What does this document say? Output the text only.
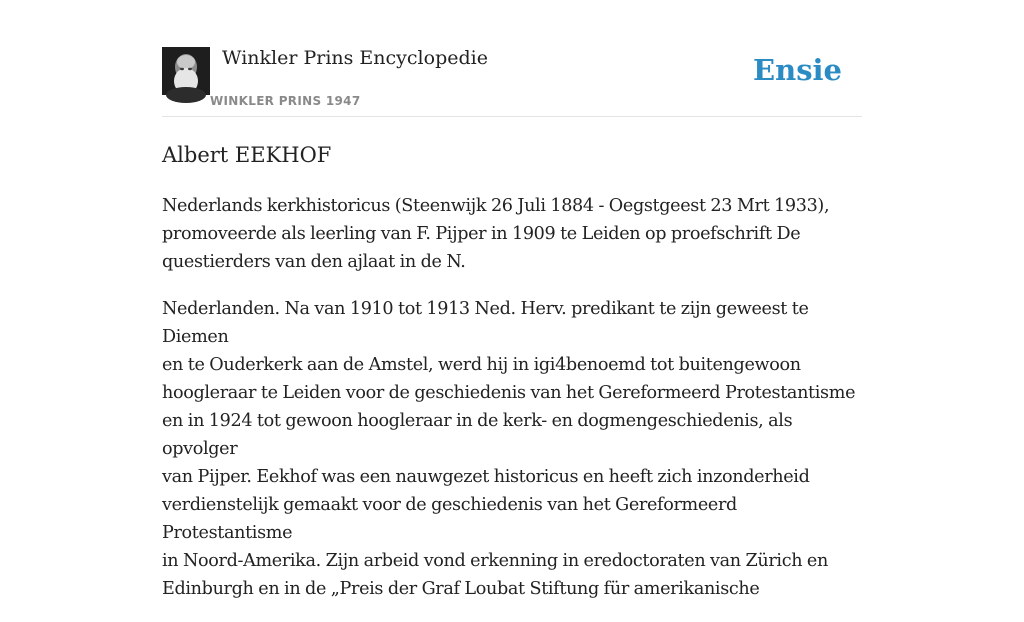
Winkler Prins Encyclopedie
WINKLER PRINS 1947
Ensie
Albert EEKHOF

Nederlands kerkhistoricus (Steenwijk 26 Juli 1884 - Oegstgeest 23 Mrt 1933),
promoveerde als leerling van F. Pijper in 1909 te Leiden op proefschrift De
questierders van den ajlaat in de N.

Nederlanden. Na van 1910 tot 1913 Ned. Herv. predikant te zijn geweest te Diemen
en te Ouderkerk aan de Amstel, werd hij in igi4benoemd tot buitengewoon
hoogleraar te Leiden voor de geschiedenis van het Gereformeerd Protestantisme
en in 1924 tot gewoon hoogleraar in de kerk- en dogmengeschiedenis, als opvolger
van Pijper. Eekhof was een nauwgezet historicus en heeft zich inzonderheid
verdienstelijk gemaakt voor de geschiedenis van het Gereformeerd Protestantisme
in Noord-Amerika. Zijn arbeid vond erkenning in eredoctoraten van Zürich en
Edinburgh en in de „Preis der Graf Loubat Stiftung für amerikanische
